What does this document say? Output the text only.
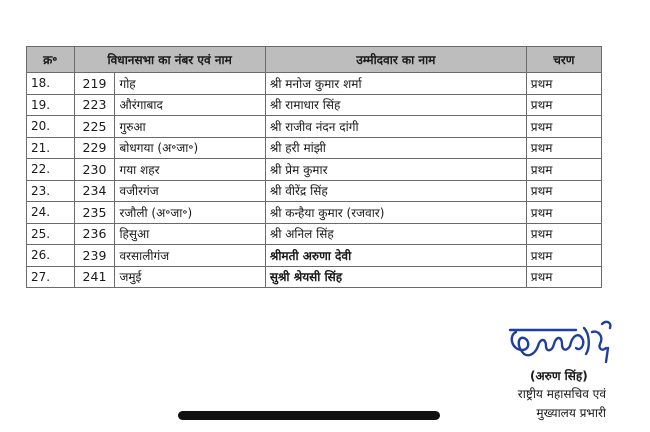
क्र॰	विधानसभा का नंबर एवं नाम		उम्मीदवार का नाम	चरण
18.	219	गोह	श्री मनोज कुमार शर्मा	प्रथम
19.	223	औरंगाबाद	श्री रामाधार सिंह	प्रथम
20.	225	गुरुआ	श्री राजीव नंदन दांगी	प्रथम
21.	229	बोधगया (अ॰जा॰)	श्री हरी मांझी	प्रथम
22.	230	गया शहर	श्री प्रेम कुमार	प्रथम
23.	234	वजीरगंज	श्री वीरेंद्र सिंह	प्रथम
24.	235	रजौली (अ॰जा॰)	श्री कन्हैया कुमार (रजवार)	प्रथम
25.	236	हिसुआ	श्री अनिल सिंह	प्रथम
26.	239	वरसालीगंज	श्रीमती अरुणा देवी	प्रथम
27.	241	जमुई	सुश्री श्रेयसी सिंह	प्रथम
(अरुण सिंह)
राष्ट्रीय महासचिव एवं
मुख्यालय प्रभारी
